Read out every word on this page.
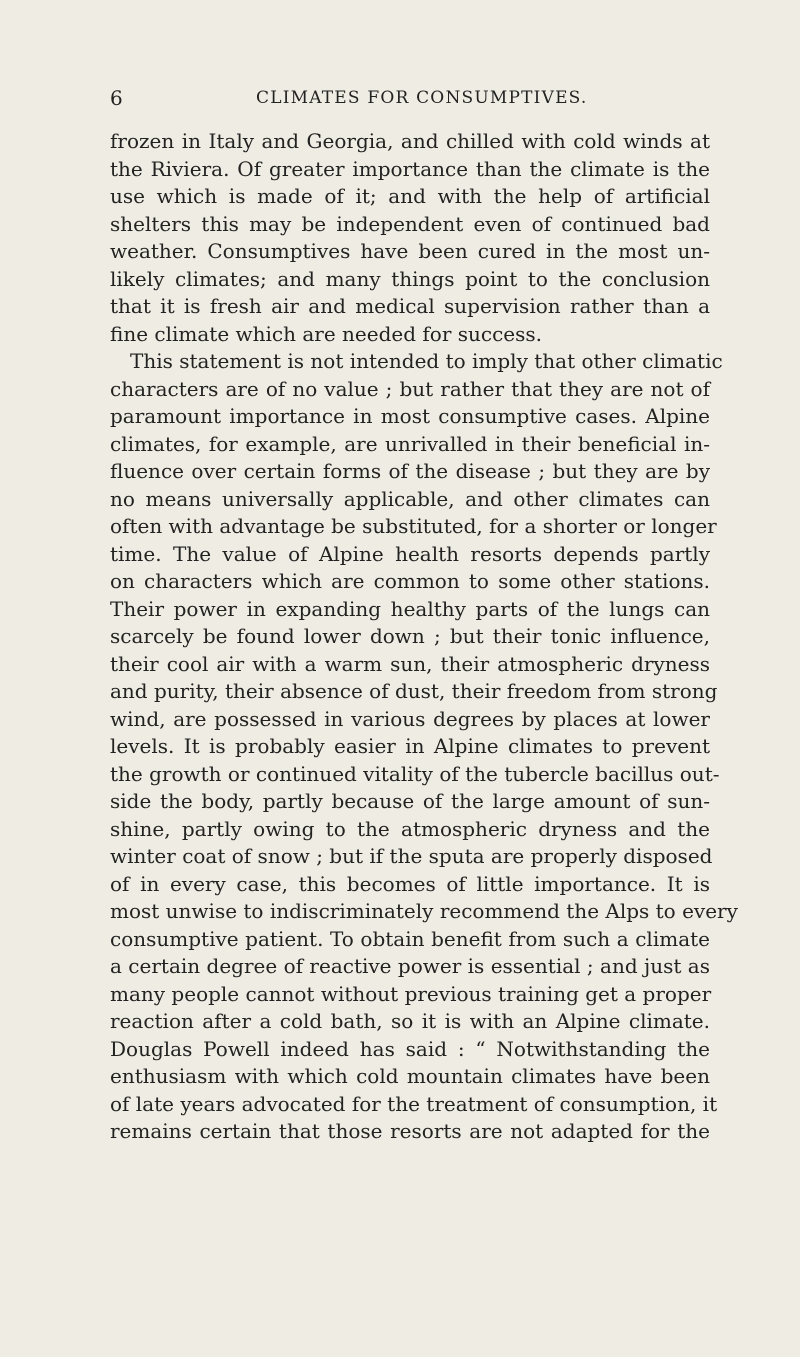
6	CLIMATES FOR CONSUMPTIVES.
frozen in Italy and Georgia, and chilled with cold winds at
the Riviera. Of greater importance than the climate is the
use which is made of it; and with the help of artificial
shelters this may be independent even of continued bad
weather. Consumptives have been cured in the most un-
likely climates; and many things point to the conclusion
that it is fresh air and medical supervision rather than a
fine climate which are needed for success.
This statement is not intended to imply that other climatic
characters are of no value ; but rather that they are not of
paramount importance in most consumptive cases. Alpine
climates, for example, are unrivalled in their beneficial in-
fluence over certain forms of the disease ; but they are by
no means universally applicable, and other climates can
often with advantage be substituted, for a shorter or longer
time. The value of Alpine health resorts depends partly
on characters which are common to some other stations.
Their power in expanding healthy parts of the lungs can
scarcely be found lower down ; but their tonic influence,
their cool air with a warm sun, their atmospheric dryness
and purity, their absence of dust, their freedom from strong
wind, are possessed in various degrees by places at lower
levels. It is probably easier in Alpine climates to prevent
the growth or continued vitality of the tubercle bacillus out-
side the body, partly because of the large amount of sun-
shine, partly owing to the atmospheric dryness and the
winter coat of snow ; but if the sputa are properly disposed
of in every case, this becomes of little importance. It is
most unwise to indiscriminately recommend the Alps to every
consumptive patient. To obtain benefit from such a climate
a certain degree of reactive power is essential ; and just as
many people cannot without previous training get a proper
reaction after a cold bath, so it is with an Alpine climate.
Douglas Powell indeed has said : “ Notwithstanding the
enthusiasm with which cold mountain climates have been
of late years advocated for the treatment of consumption, it
remains certain that those resorts are not adapted for the
